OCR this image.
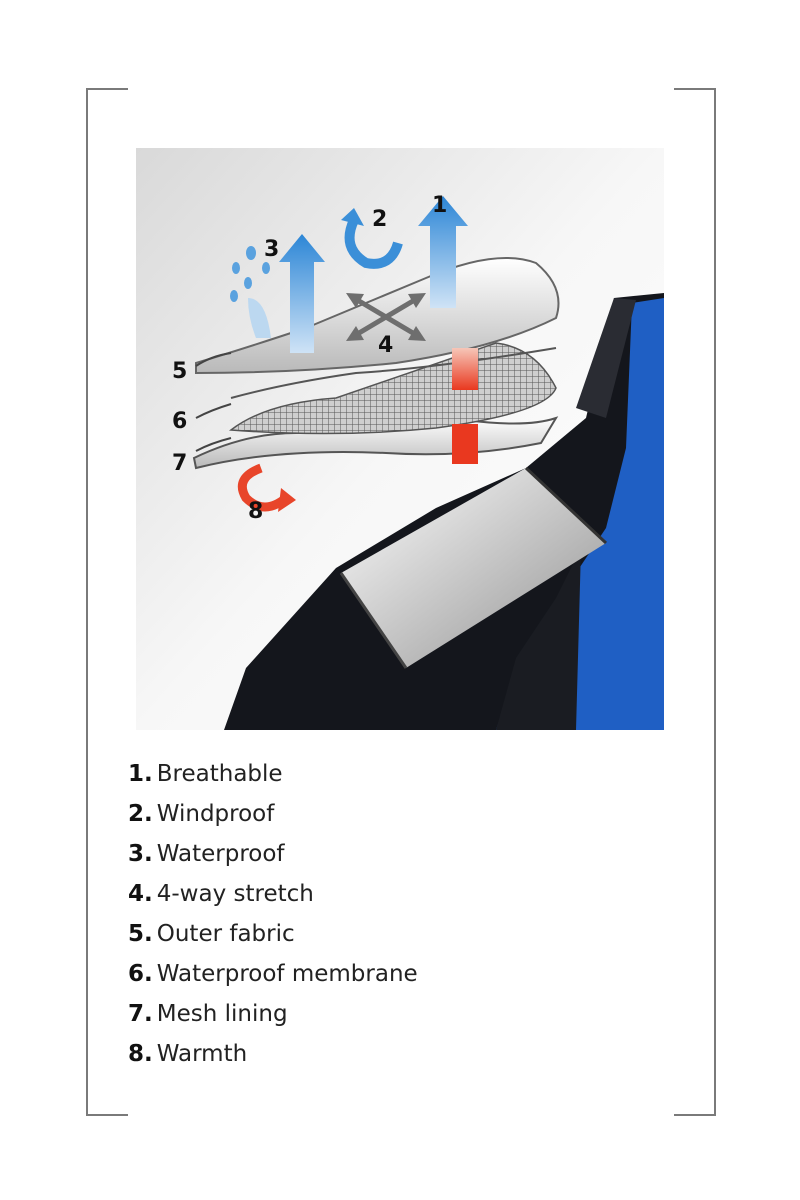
1
2
3
4
5
6
7
8
1. Breathable
2. Windproof
3. Waterproof
4. 4-way stretch
5. Outer fabric
6. Waterproof membrane
7. Mesh lining
8. Warmth
